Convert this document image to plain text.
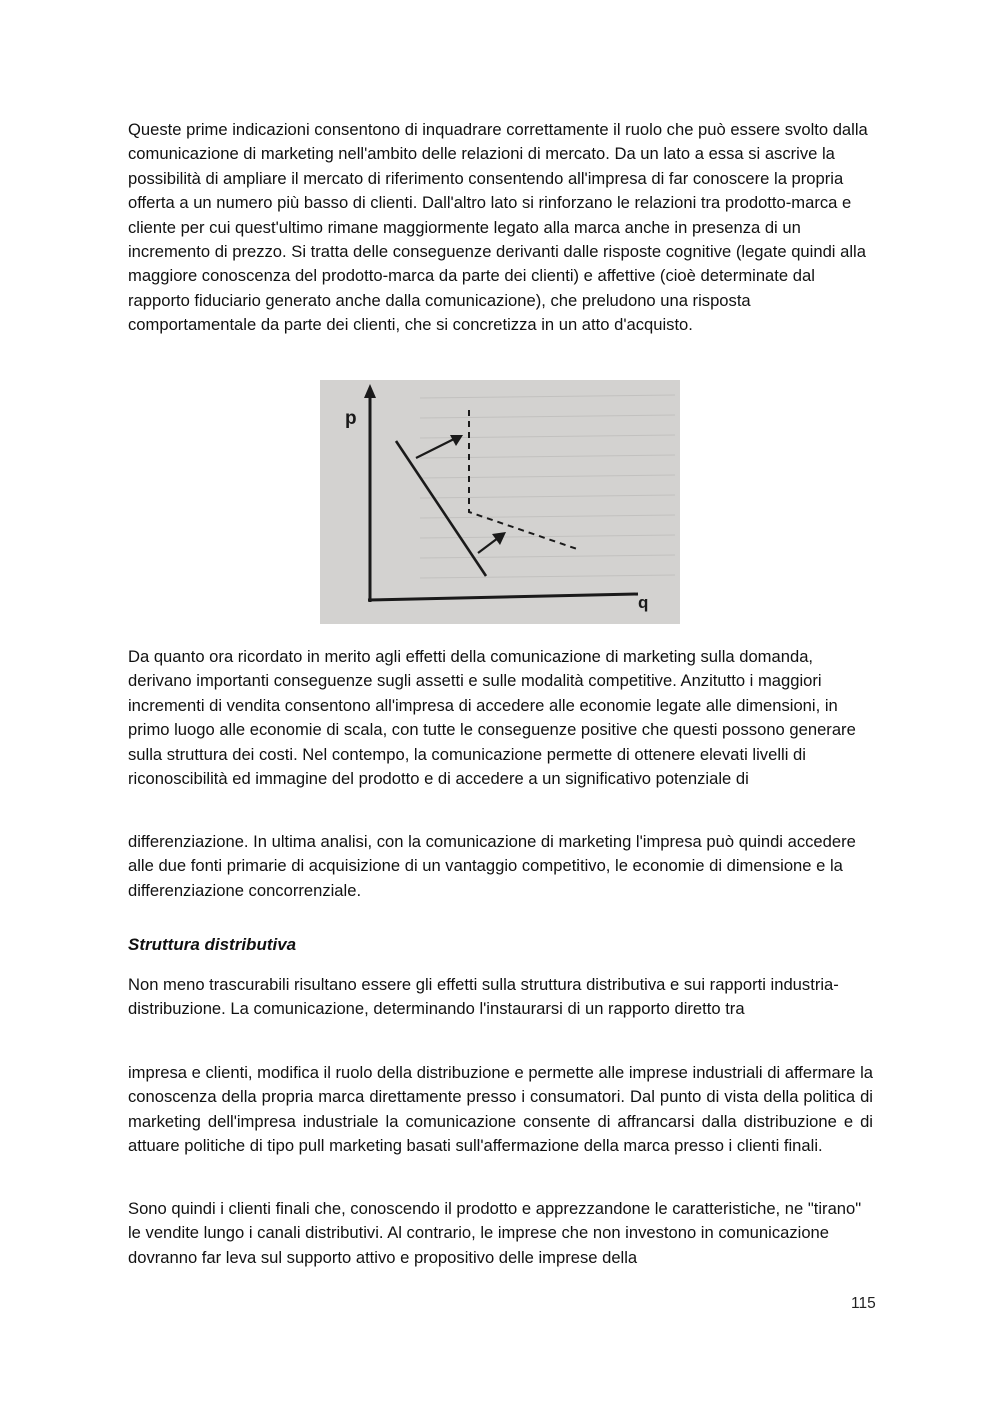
Queste prime indicazioni consentono di inquadrare correttamente il ruolo che può essere svolto dalla comunicazione di marketing nell'ambito delle relazioni di mercato. Da un lato a essa si ascrive la possibilità di ampliare il mercato di riferimento consentendo all'impresa di far conoscere la propria offerta a un numero più basso di clienti. Dall'altro lato si rinforzano le relazioni tra prodotto-marca e cliente per cui quest'ultimo rimane maggiormente legato alla marca anche in presenza di un incremento di prezzo. Si tratta delle conseguenze derivanti dalle risposte cognitive (legate quindi alla maggiore conoscenza del prodotto-marca da parte dei clienti) e affettive (cioè determinate dal rapporto fiduciario generato anche dalla comunicazione), che preludono una risposta comportamentale da parte dei clienti, che si concretizza in un atto d'acquisto.

p
q

Da quanto ora ricordato in merito agli effetti della comunicazione di marketing sulla domanda, derivano importanti conseguenze sugli assetti e sulle modalità competitive. Anzitutto i maggiori incrementi di vendita consentono all'impresa di accedere alle economie legate alle dimensioni, in primo luogo alle economie di scala, con tutte le conseguenze positive che questi possono generare sulla struttura dei costi. Nel contempo, la comunicazione permette di ottenere elevati livelli di riconoscibilità ed immagine del prodotto e di accedere a un significativo potenziale di

differenziazione. In ultima analisi, con la comunicazione di marketing l'impresa può quindi accedere alle due fonti primarie di acquisizione di un vantaggio competitivo, le economie di dimensione e la differenziazione concorrenziale.

Struttura distributiva

Non meno trascurabili risultano essere gli effetti sulla struttura distributiva e sui rapporti industria-distribuzione. La comunicazione, determinando l'instaurarsi di un rapporto diretto tra

impresa e clienti, modifica il ruolo della distribuzione e permette alle imprese industriali di affermare la conoscenza della propria marca direttamente presso i consumatori. Dal punto di vista della politica di marketing dell'impresa industriale la comunicazione consente di affrancarsi dalla distribuzione e di attuare politiche di tipo pull marketing basati sull'affermazione della marca presso i clienti finali.

Sono quindi i clienti finali che, conoscendo il prodotto e apprezzandone le caratteristiche, ne "tirano" le vendite lungo i canali distributivi. Al contrario, le imprese che non investono in comunicazione dovranno far leva sul supporto attivo e propositivo delle imprese della

115
